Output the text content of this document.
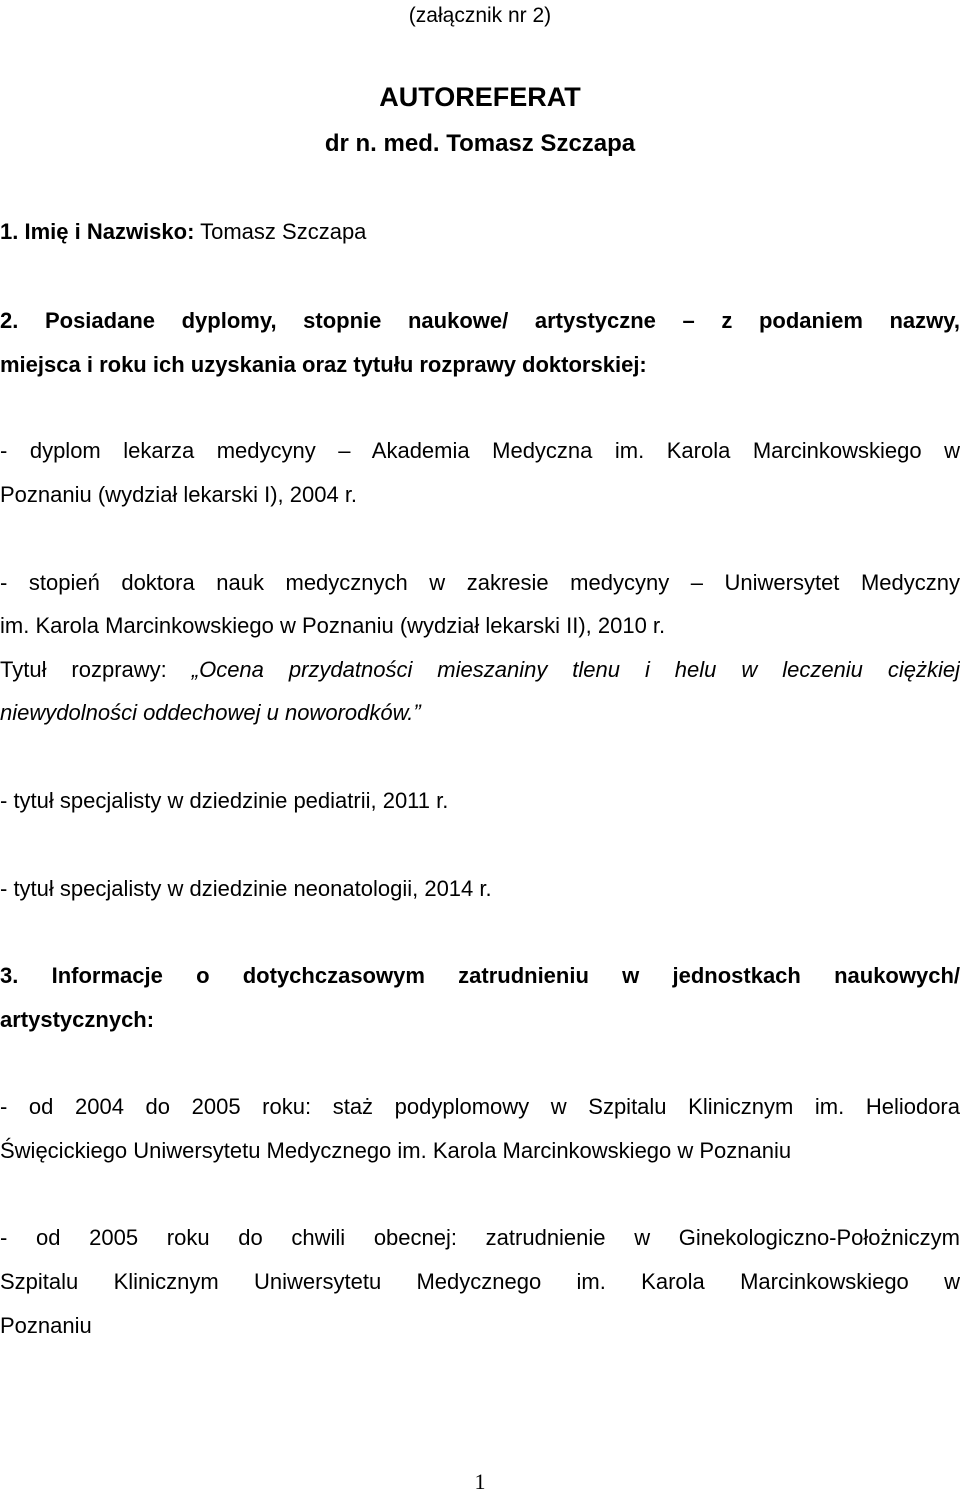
(załącznik nr 2)
AUTOREFERAT
dr n. med. Tomasz Szczapa
1. Imię i Nazwisko: Tomasz Szczapa
2. Posiadane dyplomy, stopnie naukowe/ artystyczne – z podaniem nazwy,
miejsca i roku ich uzyskania oraz tytułu rozprawy doktorskiej:
- dyplom lekarza medycyny – Akademia Medyczna im. Karola Marcinkowskiego w
Poznaniu (wydział lekarski I), 2004 r.
- stopień doktora nauk medycznych w zakresie medycyny – Uniwersytet Medyczny
im. Karola Marcinkowskiego w Poznaniu (wydział lekarski II), 2010 r.
Tytuł rozprawy: „Ocena przydatności mieszaniny tlenu i helu w leczeniu ciężkiej
niewydolności oddechowej u noworodków.”
- tytuł specjalisty w dziedzinie pediatrii, 2011 r.
- tytuł specjalisty w dziedzinie neonatologii, 2014 r.
3. Informacje o dotychczasowym zatrudnieniu w jednostkach naukowych/
artystycznych:
- od 2004 do 2005 roku: staż podyplomowy w Szpitalu Klinicznym im. Heliodora
Święcickiego Uniwersytetu Medycznego im. Karola Marcinkowskiego w Poznaniu
- od 2005 roku do chwili obecnej: zatrudnienie w Ginekologiczno-Położniczym
Szpitalu Klinicznym Uniwersytetu Medycznego im. Karola Marcinkowskiego w
Poznaniu
1
